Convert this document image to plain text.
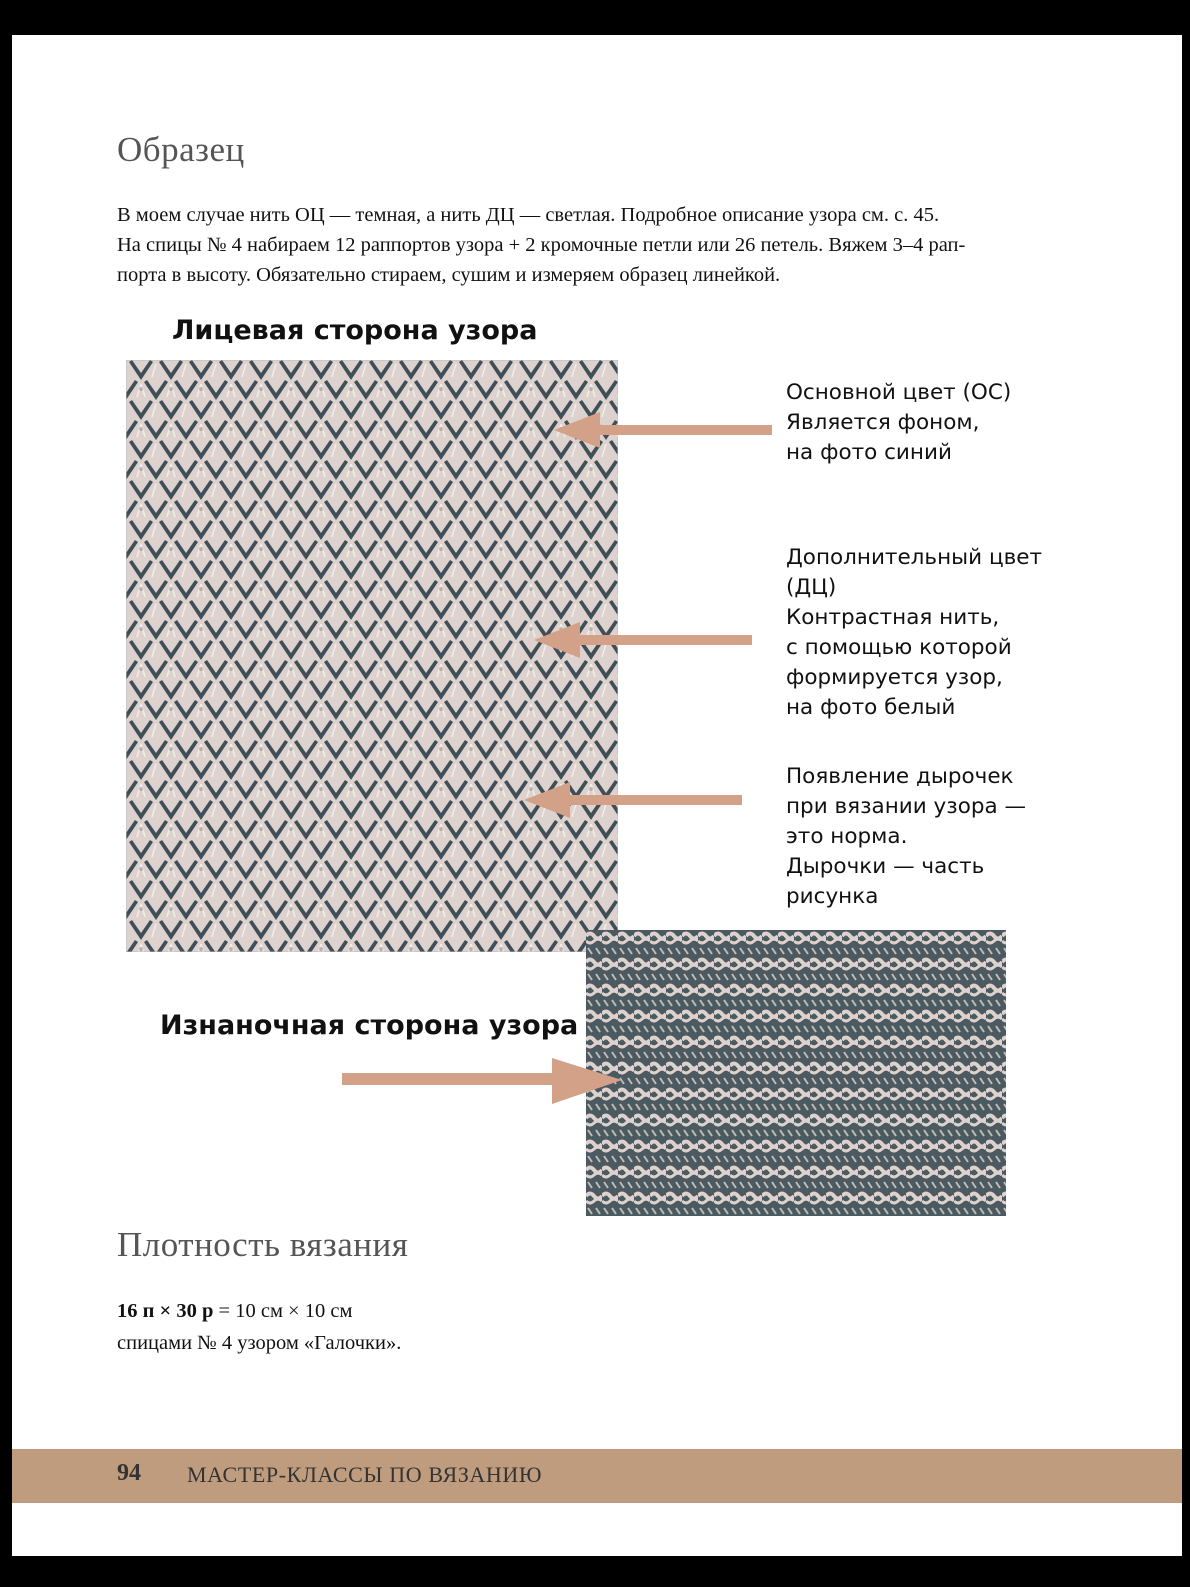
Образец

В моем случае нить ОЦ — темная, а нить ДЦ — светлая. Подробное описание узора см. с. 45.
На спицы № 4 набираем 12 раппортов узора + 2 кромочные петли или 26 петель. Вяжем 3–4 рап-
порта в высоту. Обязательно стираем, сушим и измеряем образец линейкой.

Лицевая сторона узора
Основной цвет (ОС)
Является фоном,
на фото синий
Дополнительный цвет
(ДЦ)
Контрастная нить,
с помощью которой
формируется узор,
на фото белый
Появление дырочек
при вязании узора —
это норма.
Дырочки — часть
рисунка
Изнаночная сторона узора
Плотность вязания
16 п × 30 р = 10 см × 10 см
спицами № 4 узором «Галочки».
94 МАСТЕР-КЛАССЫ ПО ВЯЗАНИЮ
